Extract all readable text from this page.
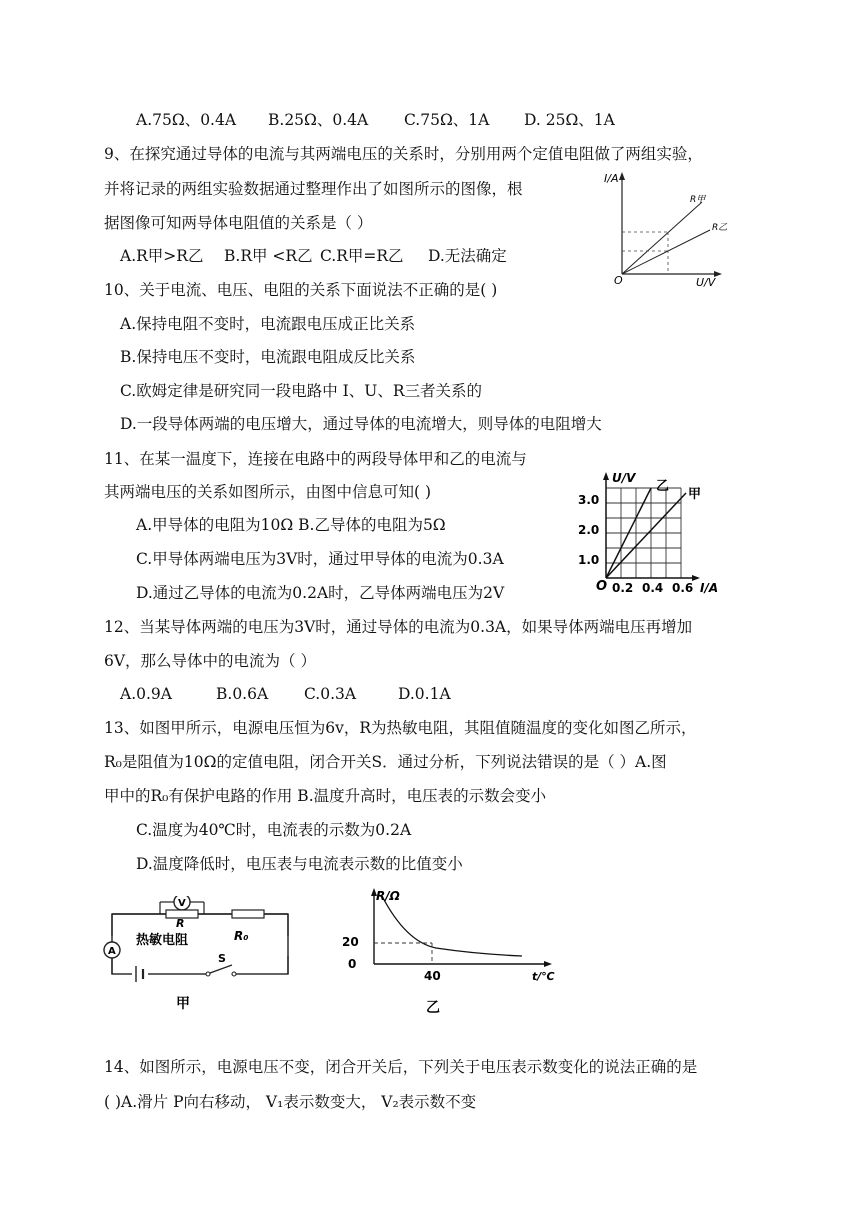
A.75Ω、0.4A B.25Ω、0.4A C.75Ω、1A D. 25Ω、1A
9、在探究通过导体的电流与其两端电压的关系时，分别用两个定值电阻做了两组实验，
并将记录的两组实验数据通过整理作出了如图所示的图像，根
据图像可知两导体电阻值的关系是（ ）
A.R甲>R乙 B.R甲 <R乙 C.R甲=R乙 D.无法确定
I/A
U/V
O
R甲
R乙
10、关于电流、电压、电阻的关系下面说法不正确的是( )
A.保持电阻不变时，电流跟电压成正比关系
B.保持电压不变时，电流跟电阻成反比关系
C.欧姆定律是研究同一段电路中 I、U、R三者关系的
D.一段导体两端的电压增大，通过导体的电流增大，则导体的电阻增大
11、在某一温度下，连接在电路中的两段导体甲和乙的电流与
其两端电压的关系如图所示，由图中信息可知( )
A.甲导体的电阻为10Ω B.乙导体的电阻为5Ω
C.甲导体两端电压为3V时，通过甲导体的电流为0.3A
D.通过乙导体的电流为0.2A时，乙导体两端电压为2V
3.0
2.0
1.0
O 0.2 0.4 0.6 I/A
U/V
乙
甲
12、当某导体两端的电压为3V时，通过导体的电流为0.3A，如果导体两端电压再增加
6V，那么导体中的电流为（ ）
A.0.9A	B.0.6A C.0.3A	D.0.1A
13、如图甲所示，电源电压恒为6v，R为热敏电阻，其阻值随温度的变化如图乙所示，
R₀是阻值为10Ω的定值电阻，闭合开关S．通过分析，下列说法错误的是（ ）A.图
甲中的R₀有保护电路的作用 B.温度升高时，电压表的示数会变小
C.温度为40℃时，电流表的示数为0.2A
D.温度降低时，电压表与电流表示数的比值变小
A
V
R
热敏电阻	R₀
S
甲
R/Ω
20
0
40	t/℃
乙
14、如图所示，电源电压不变，闭合开关后，下列关于电压表示数变化的说法正确的是
( )A.滑片 P向右移动， V₁表示数变大， V₂表示数不变
